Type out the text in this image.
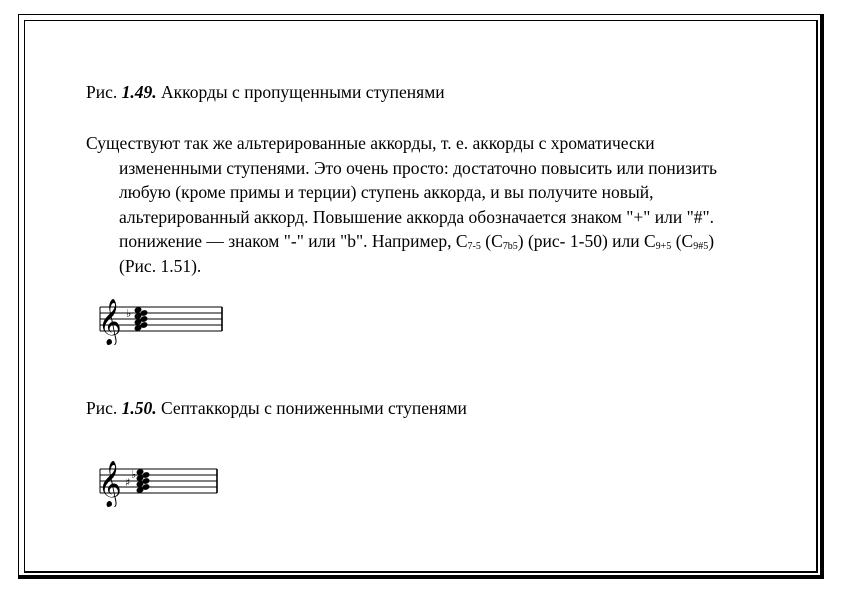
Рис. 1.49. Аккорды с пропущенными ступенями
Существуют так же альтерированные аккорды, т. е. аккорды с хроматически
измененными ступенями. Это очень просто: достаточно повысить или понизить
любую (кроме примы и терции) ступень аккорда, и вы получите новый,
альтерированный аккорд. Повышение аккорда обозначается знаком "+" или "#".
понижение — знаком "-" или "b". Например, $C_{7-5}$ $(C_{7b5})$ (рис- 1-50) или $C_{9+5}$ $(C_{9\#5})$
(Рис. 1.51).
𝄞 ♭
Рис. 1.50. Септаккорды с пониженными ступенями
𝄞 ♯
♭
